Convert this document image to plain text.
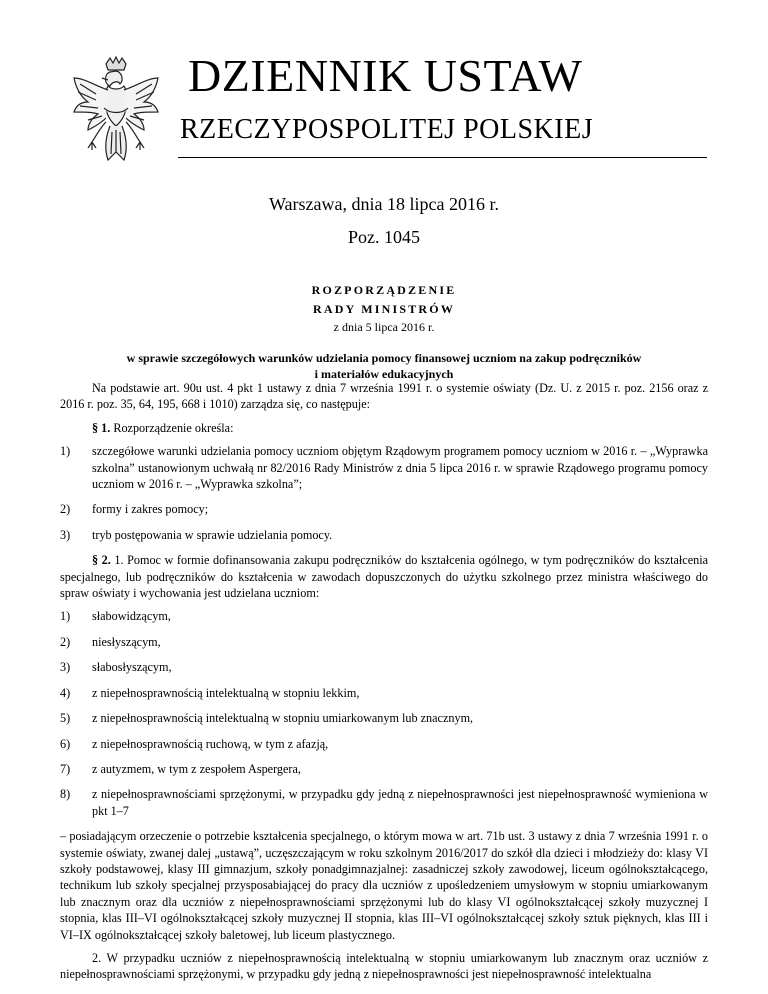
DZIENNIK USTAW
RZECZYPOSPOLITEJ POLSKIEJ
Warszawa, dnia 18 lipca 2016 r.
Poz. 1045
ROZPORZĄDZENIE
RADY MINISTRÓW
z dnia 5 lipca 2016 r.
w sprawie szczegółowych warunków udzielania pomocy finansowej uczniom na zakup podręczników
i materiałów edukacyjnych

Na podstawie art. 90u ust. 4 pkt 1 ustawy z dnia 7 września 1991 r. o systemie oświaty (Dz. U. z 2015 r. poz. 2156 oraz z 2016 r. poz. 35, 64, 195, 668 i 1010) zarządza się, co następuje:

§ 1. Rozporządzenie określa:

1)	szczegółowe warunki udzielania pomocy uczniom objętym Rządowym programem pomocy uczniom w 2016 r. – „Wyprawka szkolna” ustanowionym uchwałą nr 82/2016 Rady Ministrów z dnia 5 lipca 2016 r. w sprawie Rządowego programu pomocy uczniom w 2016 r. – „Wyprawka szkolna”;
2)	formy i zakres pomocy;
3)	tryb postępowania w sprawie udzielania pomocy.

§ 2. 1. Pomoc w formie dofinansowania zakupu podręczników do kształcenia ogólnego, w tym podręczników do kształcenia specjalnego, lub podręczników do kształcenia w zawodach dopuszczonych do użytku szkolnego przez ministra właściwego do spraw oświaty i wychowania jest udzielana uczniom:

1)	słabowidzącym,
2)	niesłyszącym,
3)	słabosłyszącym,
4)	z niepełnosprawnością intelektualną w stopniu lekkim,
5)	z niepełnosprawnością intelektualną w stopniu umiarkowanym lub znacznym,
6)	z niepełnosprawnością ruchową, w tym z afazją,
7)	z autyzmem, w tym z zespołem Aspergera,
8)	z niepełnosprawnościami sprzężonymi, w przypadku gdy jedną z niepełnosprawności jest niepełnosprawność wymieniona w pkt 1–7

– posiadającym orzeczenie o potrzebie kształcenia specjalnego, o którym mowa w art. 71b ust. 3 ustawy z dnia 7 września 1991 r. o systemie oświaty, zwanej dalej „ustawą”, uczęszczającym w roku szkolnym 2016/2017 do szkół dla dzieci i młodzieży do: klasy VI szkoły podstawowej, klasy III gimnazjum, szkoły ponadgimnazjalnej: zasadniczej szkoły zawodowej, liceum ogólnokształcącego, technikum lub szkoły specjalnej przysposabiającej do pracy dla uczniów z upośledzeniem umysłowym w stopniu umiarkowanym lub znacznym oraz dla uczniów z niepełnosprawnościami sprzężonymi lub do klasy VI ogólnokształcącej szkoły muzycznej I stopnia, klas III–VI ogólnokształcącej szkoły muzycznej II stopnia, klas III–VI ogólnokształcącej szkoły sztuk pięknych, klas III i VI–IX ogólnokształcącej szkoły baletowej, lub liceum plastycznego.

2. W przypadku uczniów z niepełnosprawnością intelektualną w stopniu umiarkowanym lub znacznym oraz uczniów z niepełnosprawnościami sprzężonymi, w przypadku gdy jedną z niepełnosprawności jest niepełnosprawność intelektualna
